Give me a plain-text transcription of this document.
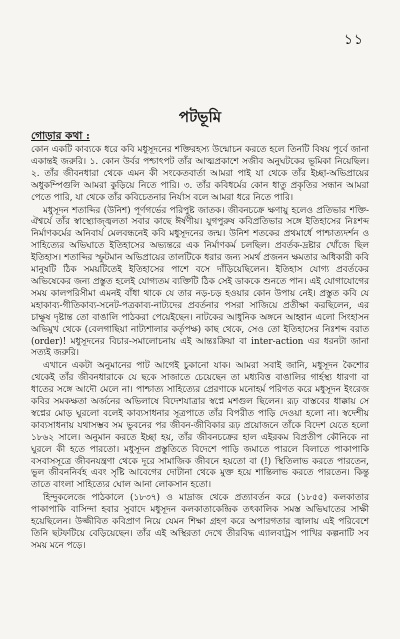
১১
পটভূমি
গোড়ার কথা :

কোন একটি কাব্যকে ধরে কবি মধুসূদনের শক্তিরহস্য উন্মোচন করতে হলে তিনটি বিষয় পূর্বে জানা একান্তই জরুরি। ১. কোন উর্বর পশ্চাৎপট তাঁর আত্মপ্রকাশে সজীব অনুঘটকের ভূমিকা নিয়েছিল। ২. তাঁর জীবনধারা থেকে এমন কী সংকেতবার্তা আমরা পাই যা থেকে তাঁর ইচ্ছা-অভিপ্রায়ের অধুকম্পিগুলি আমরা কুড়িয়ে নিতে পারি। ৩. তাঁর কবিধর্মের কোন ধাতু প্রকৃতির সন্ধান আমরা পেতে পারি, যা থেকে তাঁর কবিচেতনার নির্যাস বলে আমরা ধরে নিতে পারি।

মধুসূদন শতাব্দির (উনিশ) পূর্ণগর্ভের পরিপুষ্ট জাতক। জীবনচক্রে ক্ষণায়ু হলেও প্রতিভার শক্তি-ঐশ্বর্যে তাঁর স্বাস্থ্যোজ্জ্বলতা সবার কাছে ঈর্ষণীয়। যুগপুরুষ কবিপ্রতিভার সঙ্গে ইতিহাসের নিঃশব্দ নির্মাণকর্মের অনিবার্য মেলবন্ধনেই কবি মধুসূদনের জন্ম। উনিশ শতকের প্রথমার্ধে পাশ্চাত্যদর্শন ও সাহিত্যের অভিঘাতে ইতিহাসের অভ্যন্তরে এক নির্মাণকর্ম চলছিল। প্রবর্তক-দ্রষ্টার খোঁজে ছিল ইতিহাস। শতাব্দির স্ফুটমান অভিপ্রায়ের তালটিকে ধরার জন্য সমর্থ প্রজনন ক্ষমতার অধিকারী কবি মানুষটি ঠিক সময়টিতেই ইতিহাসের পাশে বসে দাঁড়িয়েছিলেন। ইতিহাস যোগ্য প্রবর্তকের অভিষেকের জন্য প্রস্তুত হলেই যোগ্যতম ব্যক্তিটি ঠিক সেই ডাককে শুনতে পান। এই যোগাযোগের সময় কালপরিসীমা এমনই বাঁধা থাকে যে তার নড়-চড় হওয়ার কোন উপায় নেই। প্রস্তুত কবি যে মহাকাব্য-গীতিকাব্য-সনেট-পত্রকাব্য-নাট্যদের প্রবর্তনার পসরা সাজিয়ে প্রতীক্ষা করছিলেন, এর চাক্ষুষ দৃষ্টান্ত তো বাঙালি পাঠকরা পেয়েইছেন। নাটকের আধুনিক অঙ্গনে আহ্বান এলো সিংহাসন অভিমুখ থেকে (বেলগাছিয়া নাট্যশালার কর্তৃপক্ষ) কাছ থেকে, সেও তো ইতিহাসের নিঃশব্দ বরাত (order)! মধুসূদনের বিচার-সমালোচনায় এই আন্তঃক্রিয়া বা inter-action এর ধরনটা জানা সত্যই জরুরি।

এখানে একটা অনুমানের পাট আগেই চুকানো যাক। আমরা সবাই জানি, মধুসূদন কৈশোর থেকেই তাঁর জীবনধারাকে যে ছকে সাজাতে চেয়েছেন তা মধ্যবিত্ত বাঙালির গার্হস্থ্য ধারণা বা ধাতের সঙ্গে আদৌ মেলে না। পাশ্চাত্য সাহিত্যের প্রেরণাকে মনোহর্ম পরিণত করে মধুসূদন ইংরেজ কবির সমকক্ষতা অর্জনের অভিলাষে বিদেশযাত্রার স্বপ্নে মশগুল ছিলেন। রূঢ় বাস্তবের ধাক্কায় সে স্বপ্নের মোড় ঘুরলো বলেই কাব্যসাধনার সূত্রপাতে তাঁর বিপরীত পাড়ি দেওয়া হলো না। স্বদেশীয় কাব্যসাধনায় যথাসম্ভব সম ভুবনের পর জীবন-জীবিকার রূঢ় প্রয়োজনে তাঁকে বিদেশ যেতে হলো ১৮৬২ সালে। অনুমান করতে ইচ্ছা হয়, তাঁর জীবনচক্রের হাল এইরকম বিপ্রতীপ কৌনিকে না ঘুরলে কী হতে পারতো। মধুসূদন প্রস্তুতিতে বিদেশে পাড়ি জমাতে পারলে বিলাতে পাকাপাকি বসবাসসূত্রে জীবনযন্ত্রণা থেকে দূরে সামাজিক জীবনে হয়তো বা (!) স্থিতিলাভ করতে পারতেন, ভুল জীবননির্বহ এবং সৃষ্টি আবেগের দোটানা থেকে মুক্ত হয়ে শান্তিলাভ করতে পারতেন। কিন্তু তাতে বাংলা সাহিত্যের ঘোল আনা লোকসান হতো।

হিন্দুকলেজে পাঠকালে (১৮৩৭) ও মাদ্রাজ থেকে প্রত্যাবর্তন করে (১৮৫৫) কলকাতার পাকাপাকি বাসিন্দা হবার সুবাদে মধুসূদন কলকাতাকেন্দ্রিক তৎকালিক সমস্ত অভিঘাতের সাক্ষী হয়েছিলেন। উজ্জীবিত কবিপ্রাণ নিয়ে যেমন শিক্ষা গ্রহণ করে অপারগতার জ্বালায় এই পরিবেশে তিনি ছটফটিয়ে বেড়িয়েছেন। তাঁর এই অস্থিরতা দেখে তীরবিদ্ধ এ্যালবাট্রস পাখির কল্পনাটি সব সময় মনে পড়ে।
